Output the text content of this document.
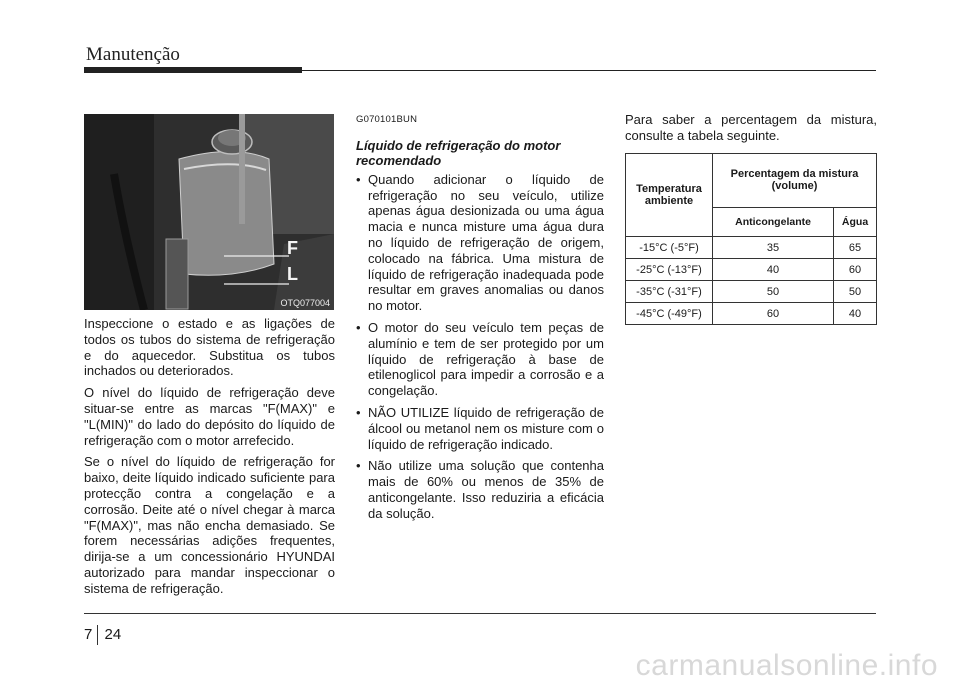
Manutenção
F
L
OTQ077004

Inspeccione o estado e as ligações de todos os tubos do sistema de refrigeração e do aquecedor. Substitua os tubos inchados ou deteriorados.

O nível do líquido de refrigeração deve situar-se entre as marcas "F(MAX)" e "L(MIN)" do lado do depósito do líquido de refrigeração com o motor arrefecido.

Se o nível do líquido de refrigeração for baixo, deite líquido indicado suficiente para protecção contra a congelação e a corrosão. Deite até o nível chegar à marca "F(MAX)", mas não encha demasiado. Se forem necessárias adições frequentes, dirija-se a um concessionário HYUNDAI autorizado para mandar inspeccionar o sistema de refrigeração.

G070101BUN
Líquido de refrigeração do motor recomendado
• Quando adicionar o líquido de refrigeração no seu veículo, utilize apenas água desionizada ou uma água macia e nunca misture uma água dura no líquido de refrigeração de origem, colocado na fábrica. Uma mistura de líquido de refrigeração inadequada pode resultar em graves anomalias ou danos no motor.
• O motor do seu veículo tem peças de alumínio e tem de ser protegido por um líquido de refrigeração à base de etilenoglicol para impedir a corrosão e a congelação.
• NÃO UTILIZE líquido de refrigeração de álcool ou metanol nem os misture com o líquido de refrigeração indicado.
• Não utilize uma solução que contenha mais de 60% ou menos de 35% de anticongelante. Isso reduziria a eficácia da solução.

Para saber a percentagem da mistura, consulte a tabela seguinte.

Temperatura ambiente	Percentagem da mistura (volume)	
	Anticongelante	Água
-15°C (-5°F)	35	65
-25°C (-13°F)	40	60
-35°C (-31°F)	50	50
-45°C (-49°F)	60	40
7 24
carmanualsonline.info
